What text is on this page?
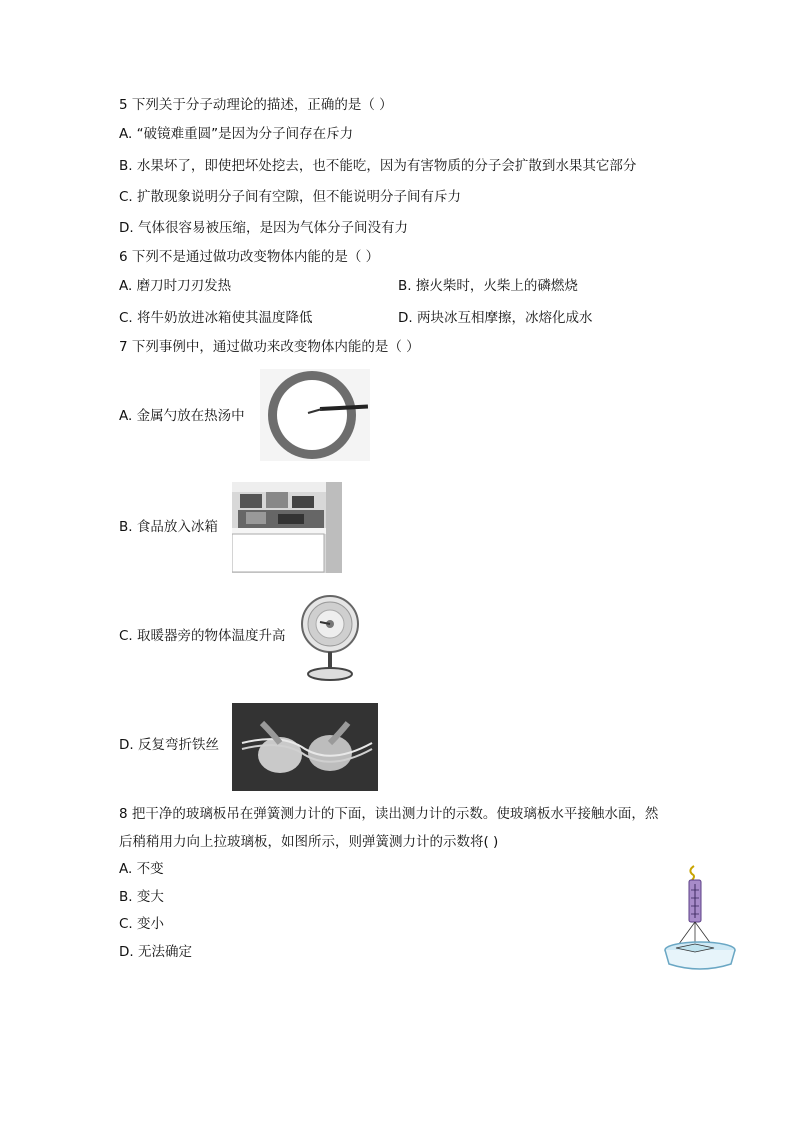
5 下列关于分子动理论的描述，正确的是（ ）
A. “破镜难重圆”是因为分子间存在斥力
B. 水果坏了，即使把坏处挖去，也不能吃，因为有害物质的分子会扩散到水果其它部分
C. 扩散现象说明分子间有空隙，但不能说明分子间有斥力
D. 气体很容易被压缩，是因为气体分子间没有力
6 下列不是通过做功改变物体内能的是（ ）
A. 磨刀时刀刃发热	B. 擦火柴时，火柴上的磷燃烧
C. 将牛奶放进冰箱使其温度降低	D. 两块冰互相摩擦，冰熔化成水
7 下列事例中，通过做功来改变物体内能的是（ ）
A. 金属勺放在热汤中
B. 食品放入冰箱
C. 取暖器旁的物体温度升高
D. 反复弯折铁丝
8 把干净的玻璃板吊在弹簧测力计的下面，读出测力计的示数。使玻璃板水平接触水面，然
后稍稍用力向上拉玻璃板，如图所示，则弹簧测力计的示数将( )
A. 不变
B. 变大
C. 变小
D. 无法确定
